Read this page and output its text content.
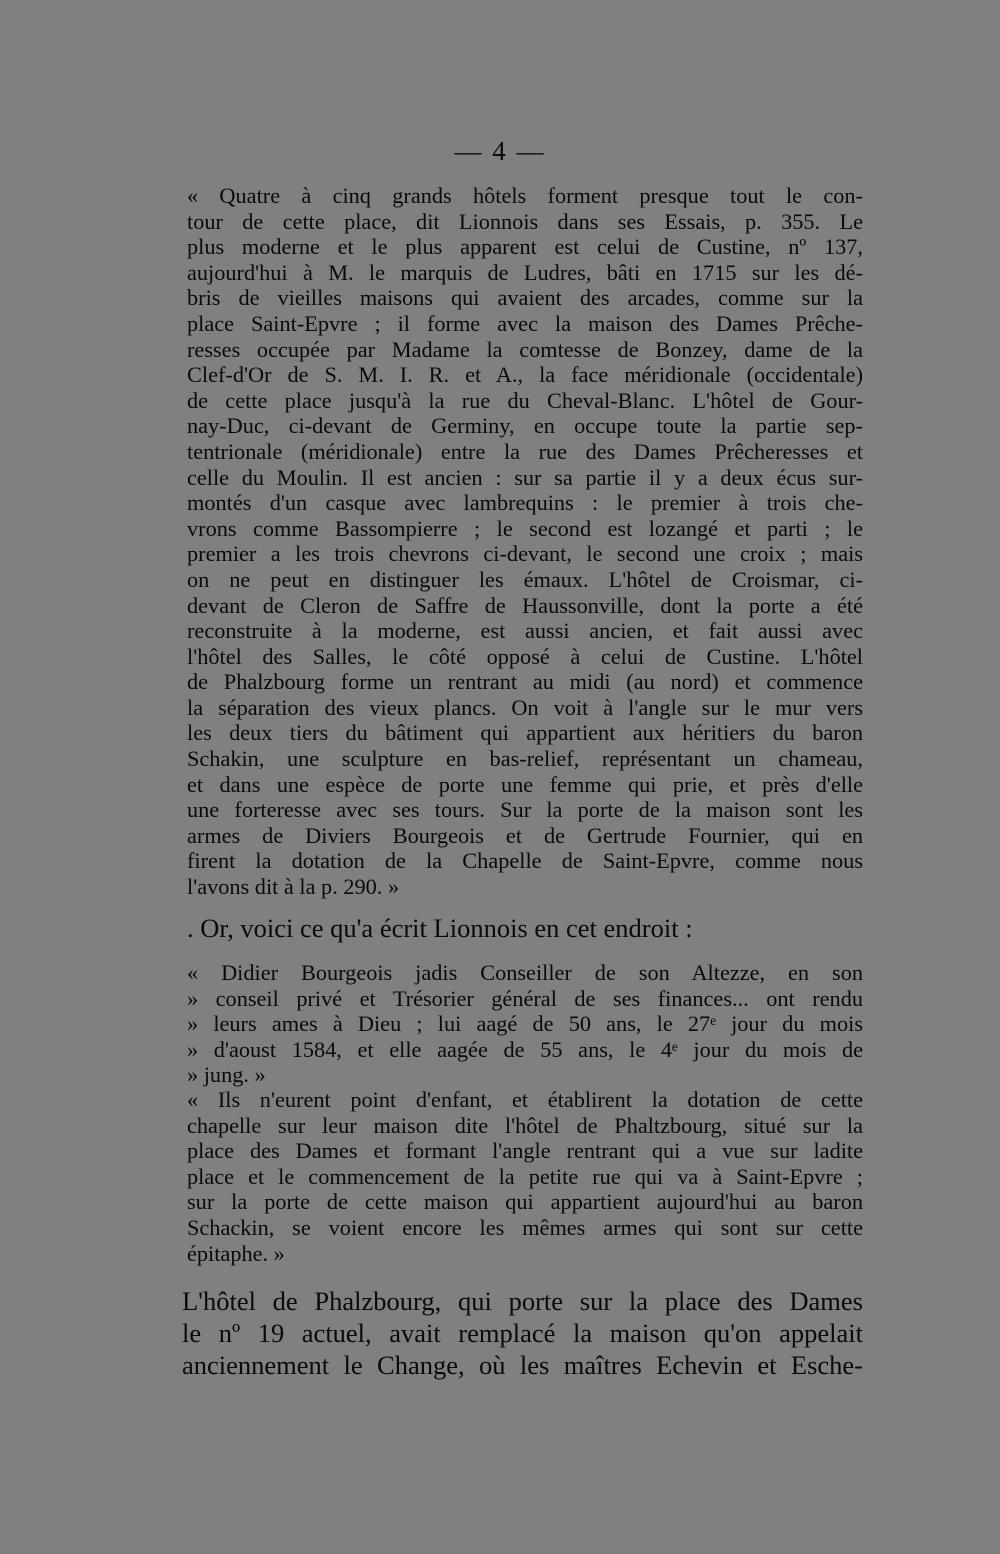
— 4 —
« Quatre à cinq grands hôtels forment presque tout le con-
tour de cette place, dit Lionnois dans ses Essais, p. 355. Le
plus moderne et le plus apparent est celui de Custine, nº 137,
aujourd'hui à M. le marquis de Ludres, bâti en 1715 sur les dé-
bris de vieilles maisons qui avaient des arcades, comme sur la
place Saint-Epvre ; il forme avec la maison des Dames Prêche-
resses occupée par Madame la comtesse de Bonzey, dame de la
Clef-d'Or de S. M. I. R. et A., la face méridionale (occidentale)
de cette place jusqu'à la rue du Cheval-Blanc. L'hôtel de Gour-
nay-Duc, ci-devant de Germiny, en occupe toute la partie sep-
tentrionale (méridionale) entre la rue des Dames Prêcheresses et
celle du Moulin. Il est ancien : sur sa partie il y a deux écus sur-
montés d'un casque avec lambrequins : le premier à trois che-
vrons comme Bassompierre ; le second est lozangé et parti ; le
premier a les trois chevrons ci-devant, le second une croix ; mais
on ne peut en distinguer les émaux. L'hôtel de Croismar, ci-
devant de Cleron de Saffre de Haussonville, dont la porte a été
reconstruite à la moderne, est aussi ancien, et fait aussi avec
l'hôtel des Salles, le côté opposé à celui de Custine. L'hôtel
de Phalzbourg forme un rentrant au midi (au nord) et commence
la séparation des vieux plancs. On voit à l'angle sur le mur vers
les deux tiers du bâtiment qui appartient aux héritiers du baron
Schakin, une sculpture en bas-relief, représentant un chameau,
et dans une espèce de porte une femme qui prie, et près d'elle
une forteresse avec ses tours. Sur la porte de la maison sont les
armes de Diviers Bourgeois et de Gertrude Fournier, qui en
firent la dotation de la Chapelle de Saint-Epvre, comme nous
l'avons dit à la p. 290. »
. Or, voici ce qu'a écrit Lionnois en cet endroit :
« Didier Bourgeois jadis Conseiller de son Altezze, en son
» conseil privé et Trésorier général de ses finances... ont rendu
» leurs ames à Dieu ; lui aagé de 50 ans, le 27ᵉ jour du mois
» d'aoust 1584, et elle aagée de 55 ans, le 4ᵉ jour du mois de
» jung. »
« Ils n'eurent point d'enfant, et établirent la dotation de cette
chapelle sur leur maison dite l'hôtel de Phaltzbourg, situé sur la
place des Dames et formant l'angle rentrant qui a vue sur ladite
place et le commencement de la petite rue qui va à Saint-Epvre ;
sur la porte de cette maison qui appartient aujourd'hui au baron
Schackin, se voient encore les mêmes armes qui sont sur cette
épitaphe. »
L'hôtel de Phalzbourg, qui porte sur la place des Dames
le nº 19 actuel, avait remplacé la maison qu'on appelait
anciennement le Change, où les maîtres Echevin et Esche-
